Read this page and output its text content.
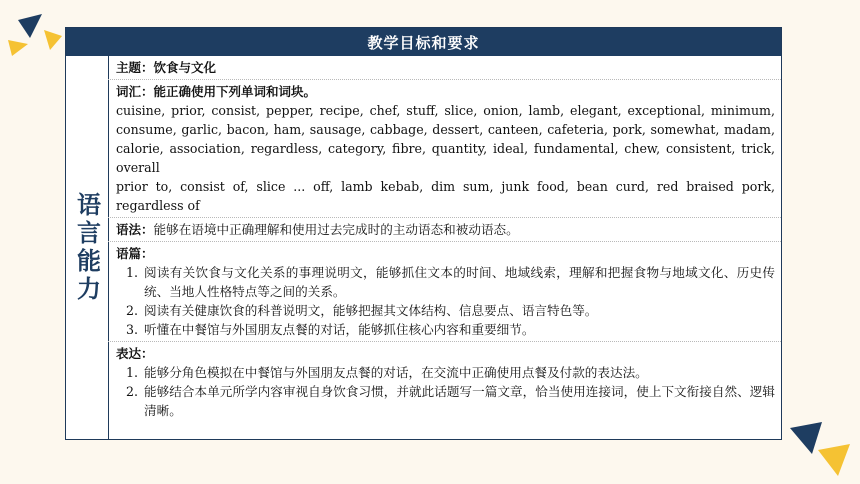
教学目标和要求
语言能力
主题：饮食与文化
词汇：能正确使用下列单词和词块。
cuisine, prior, consist, pepper, recipe, chef, stuff, slice, onion, lamb, elegant, exceptional, minimum, consume, garlic, bacon, ham, sausage, cabbage, dessert, canteen, cafeteria, pork, somewhat, madam, calorie, association, regardless, category, fibre, quantity, ideal, fundamental, chew, consistent, trick, overall
prior to, consist of, slice ... off, lamb kebab, dim sum, junk food, bean curd, red braised pork, regardless of
语法：能够在语境中正确理解和使用过去完成时的主动语态和被动语态。
语篇：
1. 阅读有关饮食与文化关系的事理说明文，能够抓住文本的时间、地域线索，理解和把握食物与地域文化、历史传统、当地人性格特点等之间的关系。
2. 阅读有关健康饮食的科普说明文，能够把握其文体结构、信息要点、语言特色等。
3. 听懂在中餐馆与外国朋友点餐的对话，能够抓住核心内容和重要细节。
表达：
1. 能够分角色模拟在中餐馆与外国朋友点餐的对话，在交流中正确使用点餐及付款的表达法。
2. 能够结合本单元所学内容审视自身饮食习惯，并就此话题写一篇文章，恰当使用连接词，使上下文衔接自然、逻辑清晰。
